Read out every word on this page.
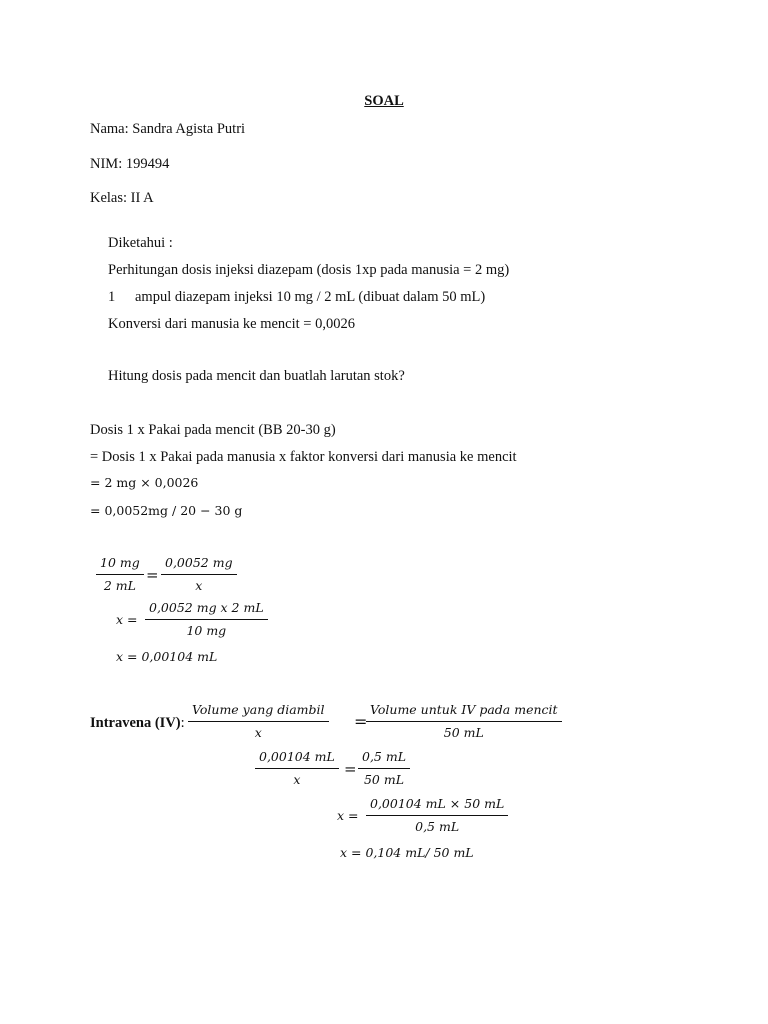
SOAL
Nama: Sandra Agista Putri
NIM: 199494
Kelas: II A
Diketahui :
Perhitungan dosis injeksi diazepam (dosis 1xp pada manusia = 2 mg)
1 ampul diazepam injeksi 10 mg / 2 mL (dibuat dalam 50 mL)
Konversi dari manusia ke mencit = 0,0026
Hitung dosis pada mencit dan buatlah larutan stok?
Dosis 1 x Pakai pada mencit (BB 20-30 g)
= Dosis 1 x Pakai pada manusia x faktor konversi dari manusia ke mencit
= 2 mg × 0,0026
= 0,0052mg / 20 − 30 g
$\frac{10 mg}{2 mL} = \frac{0,0052 mg}{x}$
$x = \frac{\text{0,0052 mg x 2 mL}}{10 mg}$
x = 0,00104 mL
Intravena (IV):
Volume yang diambil
x
=
Volume untuk IV pada mencit
50 mL
$\frac{0,00104 mL}{x} = \frac{0,5 mL}{50 mL}$
$x = \frac{0,00104 mL \times 50 mL}{0,5 mL}$
x = 0,104 mL/ 50 mL
